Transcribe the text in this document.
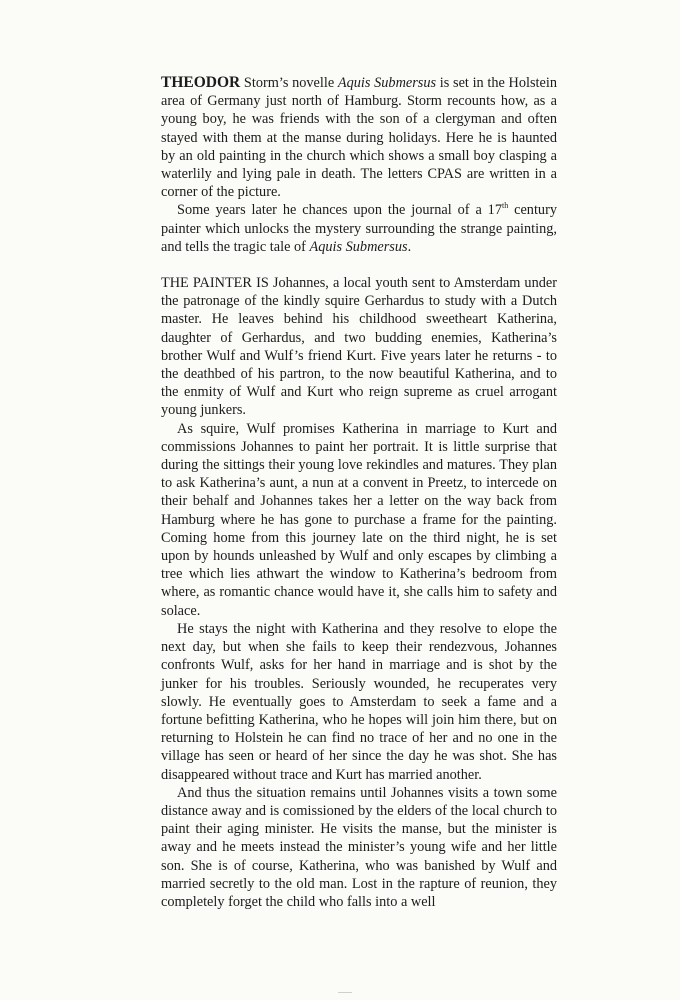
THEODOR Storm’s novelle Aquis Submersus is set in the Holstein area of Germany just north of Hamburg. Storm recounts how, as a young boy, he was friends with the son of a clergyman and often stayed with them at the manse during holidays. Here he is haunted by an old painting in the church which shows a small boy clasping a waterlily and lying pale in death. The letters CPAS are written in a corner of the picture.

Some years later he chances upon the journal of a 17th century painter which unlocks the mystery surrounding the strange painting, and tells the tragic tale of Aquis Submersus.

THE PAINTER IS Johannes, a local youth sent to Amsterdam under the patronage of the kindly squire Gerhardus to study with a Dutch master. He leaves behind his childhood sweetheart Katherina, daughter of Gerhardus, and two budding enemies, Katherina’s brother Wulf and Wulf’s friend Kurt. Five years later he returns - to the deathbed of his partron, to the now beautiful Katherina, and to the enmity of Wulf and Kurt who reign supreme as cruel arrogant young junkers.

As squire, Wulf promises Katherina in marriage to Kurt and commissions Johannes to paint her portrait. It is little surprise that during the sittings their young love rekindles and matures. They plan to ask Katherina’s aunt, a nun at a convent in Preetz, to intercede on their behalf and Johannes takes her a letter on the way back from Hamburg where he has gone to purchase a frame for the painting. Coming home from this journey late on the third night, he is set upon by hounds unleashed by Wulf and only escapes by climbing a tree which lies athwart the window to Katherina’s bedroom from where, as romantic chance would have it, she calls him to safety and solace.

He stays the night with Katherina and they resolve to elope the next day, but when she fails to keep their rendezvous, Johannes confronts Wulf, asks for her hand in marriage and is shot by the junker for his troubles. Seriously wounded, he recuperates very slowly. He eventually goes to Amsterdam to seek a fame and a fortune befitting Katherina, who he hopes will join him there, but on returning to Holstein he can find no trace of her and no one in the village has seen or heard of her since the day he was shot. She has disappeared without trace and Kurt has married another.

And thus the situation remains until Johannes visits a town some distance away and is comissioned by the elders of the local church to paint their aging minister. He visits the manse, but the minister is away and he meets instead the minister’s young wife and her little son. She is of course, Katherina, who was banished by Wulf and married secretly to the old man. Lost in the rapture of reunion, they completely forget the child who falls into a well
